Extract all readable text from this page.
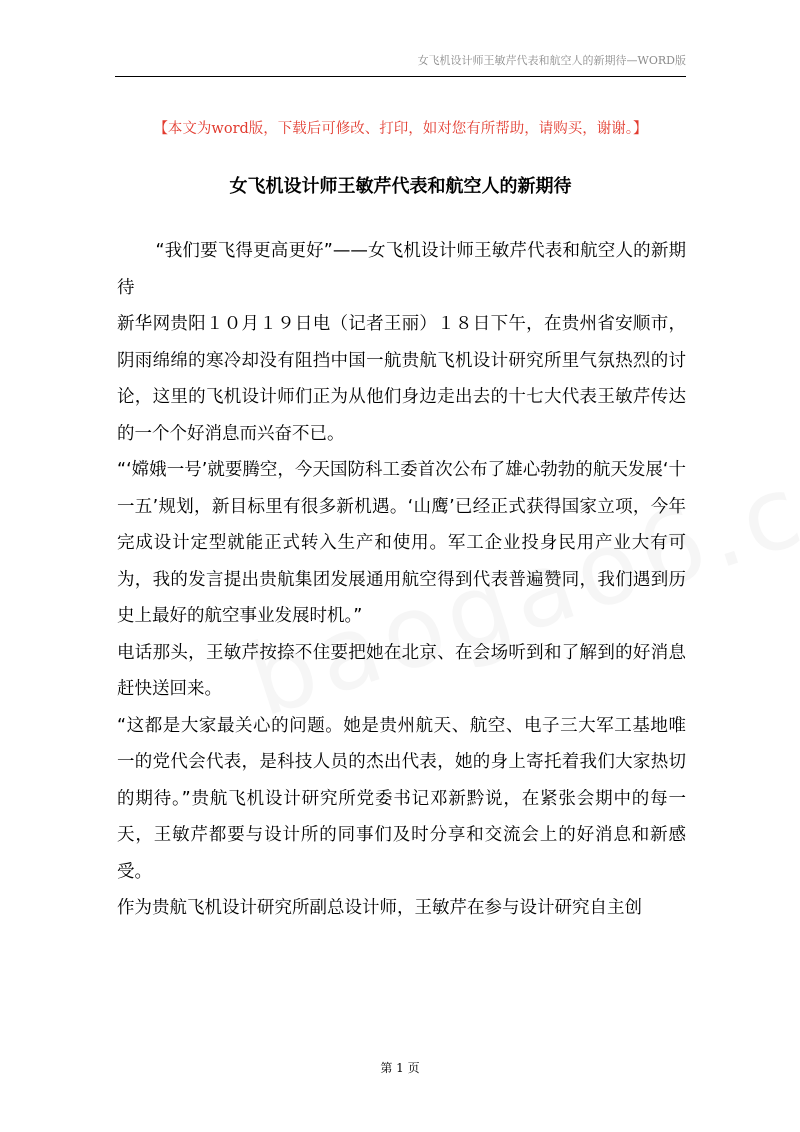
女飞机设计师王敏芹代表和航空人的新期待—WORD版
【本文为word版，下载后可修改、打印，如对您有所帮助，请购买，谢谢。】
女飞机设计师王敏芹代表和航空人的新期待

“我们要飞得更高更好”——女飞机设计师王敏芹代表和航空人的新期待

新华网贵阳１０月１９日电（记者王丽）１８日下午，在贵州省安顺市，阴雨绵绵的寒冷却没有阻挡中国一航贵航飞机设计研究所里气氛热烈的讨论，这里的飞机设计师们正为从他们身边走出去的十七大代表王敏芹传达的一个个好消息而兴奋不已。

“‘嫦娥一号’就要腾空，今天国防科工委首次公布了雄心勃勃的航天发展‘十一五’规划，新目标里有很多新机遇。‘山鹰’已经正式获得国家立项，今年完成设计定型就能正式转入生产和使用。军工企业投身民用产业大有可为，我的发言提出贵航集团发展通用航空得到代表普遍赞同，我们遇到历史上最好的航空事业发展时机。”

电话那头，王敏芹按捺不住要把她在北京、在会场听到和了解到的好消息赶快送回来。

“这都是大家最关心的问题。她是贵州航天、航空、电子三大军工基地唯一的党代会代表，是科技人员的杰出代表，她的身上寄托着我们大家热切的期待。”贵航飞机设计研究所党委书记邓新黔说，在紧张会期中的每一天，王敏芹都要与设计所的同事们及时分享和交流会上的好消息和新感受。

作为贵航飞机设计研究所副总设计师，王敏芹在参与设计研究自主创

第 1 页
